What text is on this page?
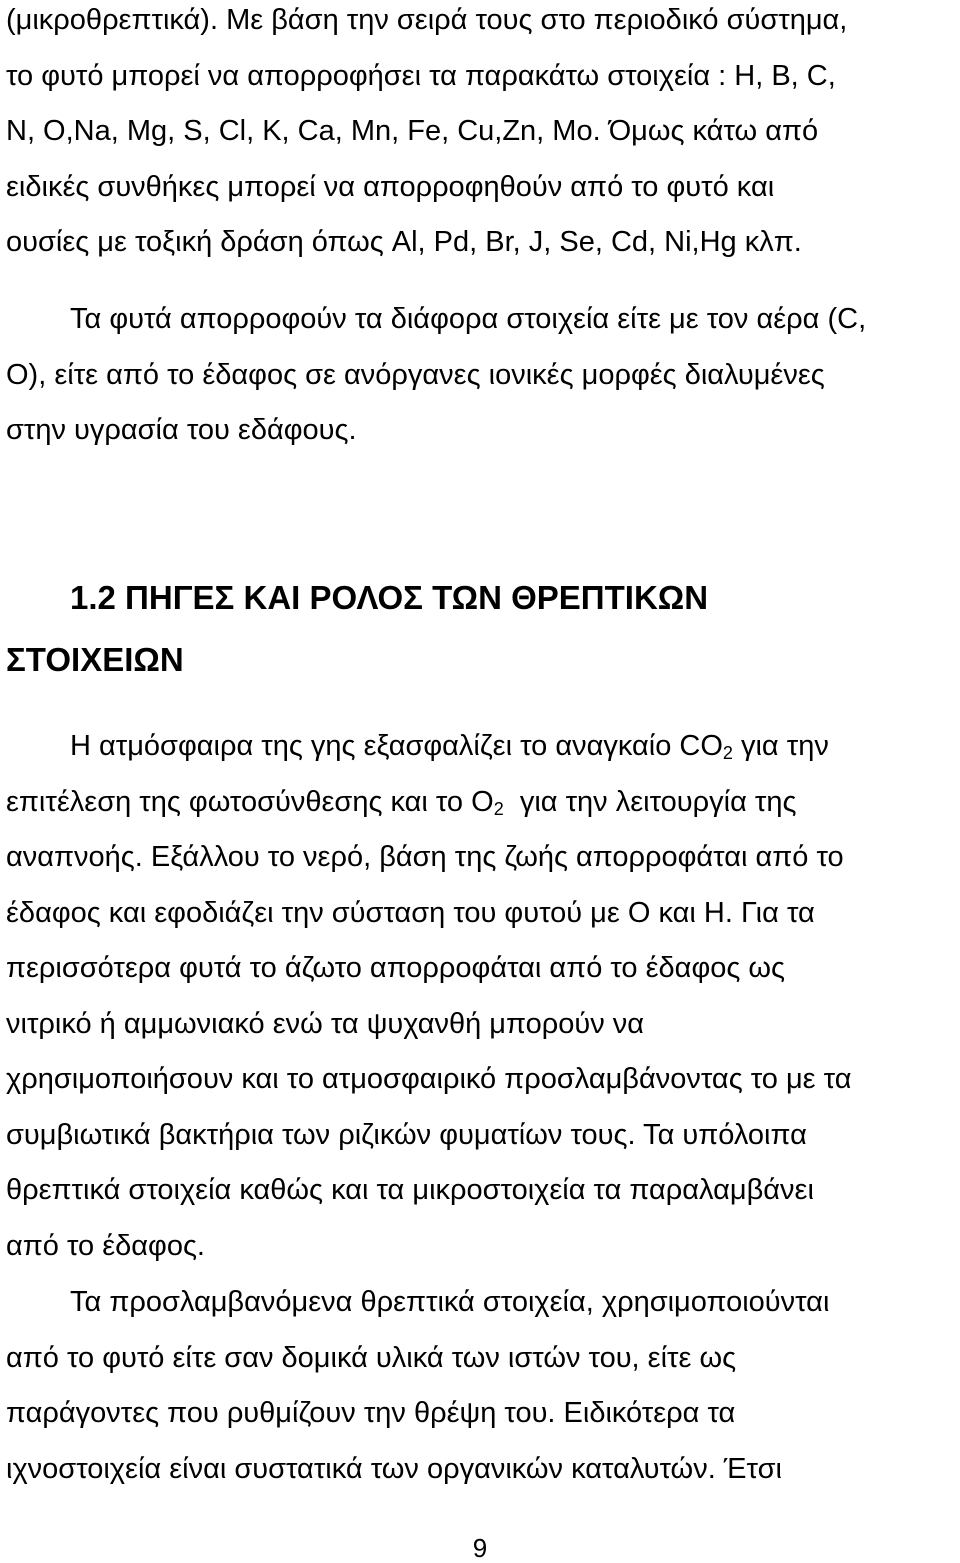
(μικροθρεπτικά). Με βάση την σειρά τους στο περιοδικό σύστημα,
το φυτό μπορεί να απορροφήσει τα παρακάτω στοιχεία : H, B, C,
N, O,Na, Mg, S, Cl, K, Ca, Mn, Fe, Cu,Zn, Mo. Όμως κάτω από
ειδικές συνθήκες μπορεί να απορροφηθούν από το φυτό και
ουσίες με τοξική δράση όπως Al, Pd, Br, J, Se, Cd, Ni,Hg κλπ.
Τα φυτά απορροφούν τα διάφορα στοιχεία είτε με τον αέρα (C,
O), είτε από το έδαφος σε ανόργανες ιονικές μορφές διαλυμένες
στην υγρασία του εδάφους.
1.2 ΠΗΓΕΣ ΚΑΙ ΡΟΛΟΣ ΤΩΝ ΘΡΕΠΤΙΚΩΝ
ΣΤΟΙΧΕΙΩΝ
Η ατμόσφαιρα της γης εξασφαλίζει το αναγκαίο $CO_2$ για την
επιτέλεση της φωτοσύνθεσης και το $O_2$  για την λειτουργία της
αναπνοής. Εξάλλου το νερό, βάση της ζωής απορροφάται από το
έδαφος και εφοδιάζει την σύσταση του φυτού με O και H. Για τα
περισσότερα φυτά το άζωτο απορροφάται από το έδαφος ως
νιτρικό ή αμμωνιακό ενώ τα ψυχανθή μπορούν να
χρησιμοποιήσουν και το ατμοσφαιρικό προσλαμβάνοντας το με τα
συμβιωτικά βακτήρια των ριζικών φυματίων τους. Τα υπόλοιπα
θρεπτικά στοιχεία καθώς και τα μικροστοιχεία τα παραλαμβάνει
από το έδαφος.
Τα προσλαμβανόμενα θρεπτικά στοιχεία, χρησιμοποιούνται
από το φυτό είτε σαν δομικά υλικά των ιστών του, είτε ως
παράγοντες που ρυθμίζουν την θρέψη του. Ειδικότερα τα
ιχνοστοιχεία είναι συστατικά των οργανικών καταλυτών. Έτσι
9
